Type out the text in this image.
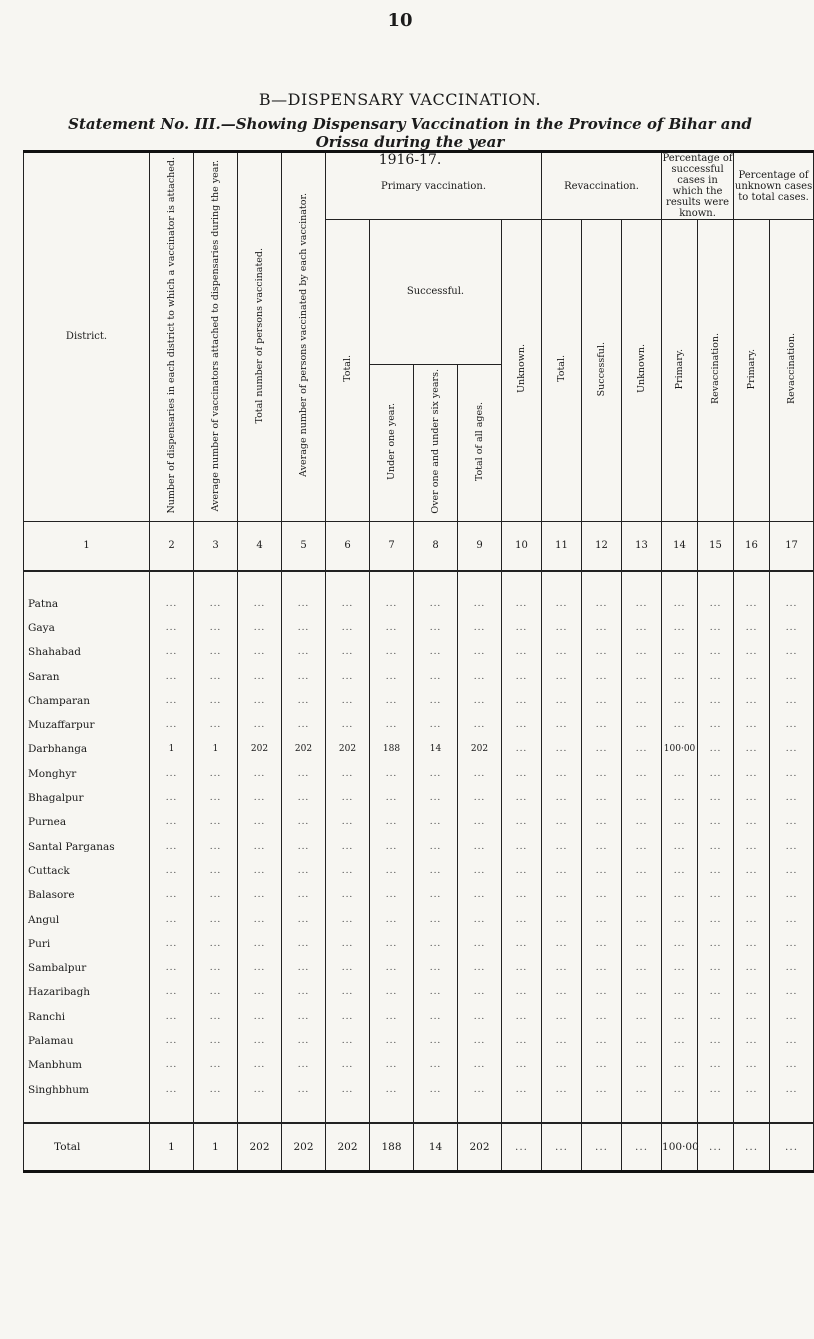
10
B—DISPENSARY VACCINATION.
Statement No. III.—Showing Dispensary Vaccination in the Province of Bihar and Orissa during the year
1916-17.
District.	Number of dispensaries in each district to which a vaccinator is attached.	Average number of vaccinators attached to dispensaries during the year.	Total number of persons vaccinated.	Average number of persons vaccinated by each vaccinator.	Primary vaccination.					Revaccination.			Percentage of successful cases in which the results were known.		Percentage of unknown cases to total cases.	
					Total.	Successful.			Unknown.	Total.	Successful.	Unknown.	Primary.	Revaccination.	Primary.	Revaccination.
						Under one year.	Over one and under six years.	Total of all ages.								
1	2	3	4	5	6	7	8	9	10	11	12	13	14	15	16	17

Patna	...	...	...	...	...	...	...	...	...	...	...	...	...	...	...	...
Gaya	...	...	...	...	...	...	...	...	...	...	...	...	...	...	...	...
Shahabad	...	...	...	...	...	...	...	...	...	...	...	...	...	...	...	...
Saran	...	...	...	...	...	...	...	...	...	...	...	...	...	...	...	...
Champaran	...	...	...	...	...	...	...	...	...	...	...	...	...	...	...	...
Muzaffarpur	...	...	...	...	...	...	...	...	...	...	...	...	...	...	...	...
Darbhanga	1	1	202	202	202	188	14	202	...	...	...	...	100·00	...	...	...
Monghyr	...	...	...	...	...	...	...	...	...	...	...	...	...	...	...	...
Bhagalpur	...	...	...	...	...	...	...	...	...	...	...	...	...	...	...	...
Purnea	...	...	...	...	...	...	...	...	...	...	...	...	...	...	...	...
Santal Parganas	...	...	...	...	...	...	...	...	...	...	...	...	...	...	...	...
Cuttack	...	...	...	...	...	...	...	...	...	...	...	...	...	...	...	...
Balasore	...	...	...	...	...	...	...	...	...	...	...	...	...	...	...	...
Angul	...	...	...	...	...	...	...	...	...	...	...	...	...	...	...	...
Puri	...	...	...	...	...	...	...	...	...	...	...	...	...	...	...	...
Sambalpur	...	...	...	...	...	...	...	...	...	...	...	...	...	...	...	...
Hazaribagh	...	...	...	...	...	...	...	...	...	...	...	...	...	...	...	...
Ranchi	...	...	...	...	...	...	...	...	...	...	...	...	...	...	...	...
Palamau	...	...	...	...	...	...	...	...	...	...	...	...	...	...	...	...
Manbhum	...	...	...	...	...	...	...	...	...	...	...	...	...	...	...	...
Singhbhum	...	...	...	...	...	...	...	...	...	...	...	...	...	...	...	...

Total	1	1	202	202	202	188	14	202	...	...	...	...	100·00	...	...	...
